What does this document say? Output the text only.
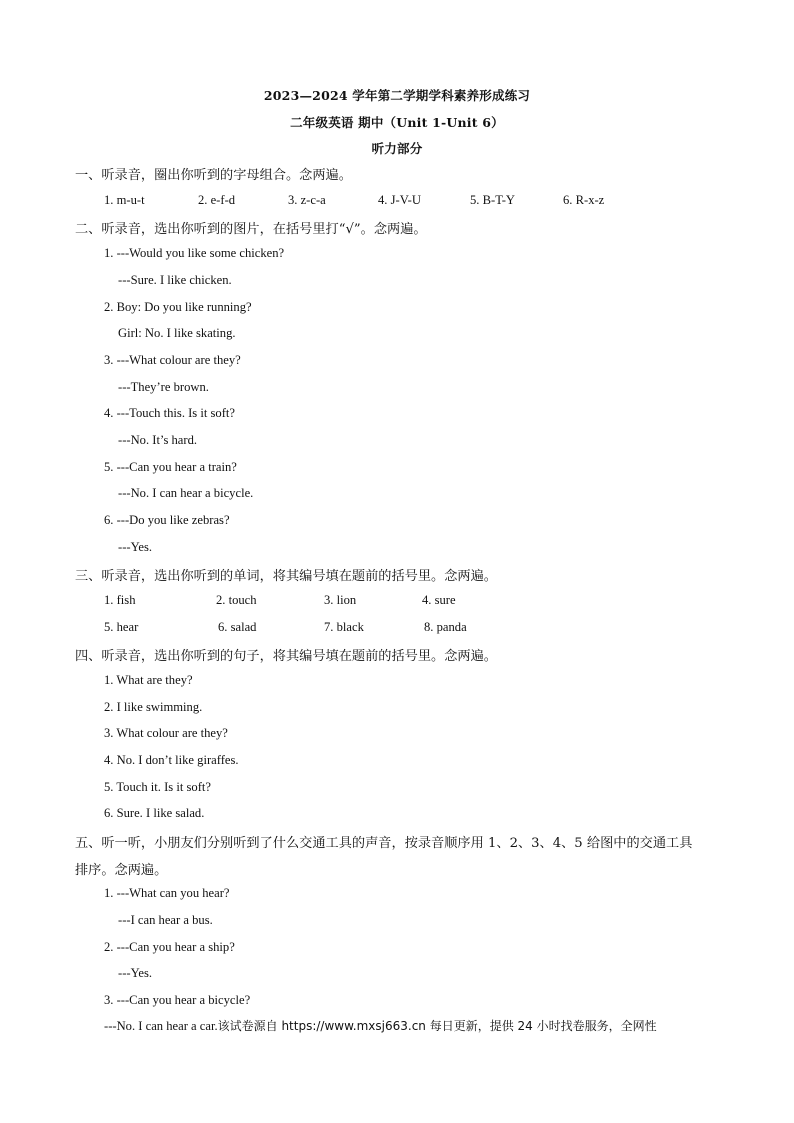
2023—2024 学年第二学期学科素养形成练习
二年级英语 期中（Unit 1-Unit 6）
听力部分
一、听录音，圈出你听到的字母组合。念两遍。
1. m-u-t	2. e-f-d	3. z-c-a	4. J-V-U	5. B-T-Y	6. R-x-z
二、听录音，选出你听到的图片，在括号里打“√”。念两遍。
1. ---Would you like some chicken?
---Sure. I like chicken.
2. Boy: Do you like running?
Girl: No. I like skating.
3. ---What colour are they?
---They’re brown.
4. ---Touch this. Is it soft?
---No. It’s hard.
5. ---Can you hear a train?
---No. I can hear a bicycle.
6. ---Do you like zebras?
---Yes.
三、听录音，选出你听到的单词，将其编号填在题前的括号里。念两遍。
1. fish	2. touch	3. lion	4. sure
5. hear	6. salad	7. black	8. panda
四、听录音，选出你听到的句子，将其编号填在题前的括号里。念两遍。
1. What are they?
2. I like swimming.
3. What colour are they?
4. No. I don’t like giraffes.
5. Touch it. Is it soft?
6. Sure. I like salad.
五、听一听，小朋友们分别听到了什么交通工具的声音，按录音顺序用 1、2、3、4、5 给图中的交通工具
排序。念两遍。
1. ---What can you hear?
---I can hear a bus.
2. ---Can you hear a ship?
---Yes.
3. ---Can you hear a bicycle?
---No. I can hear a car.该试卷源自 https://www.mxsj663.cn 每日更新，提供 24 小时找卷服务，全网性
